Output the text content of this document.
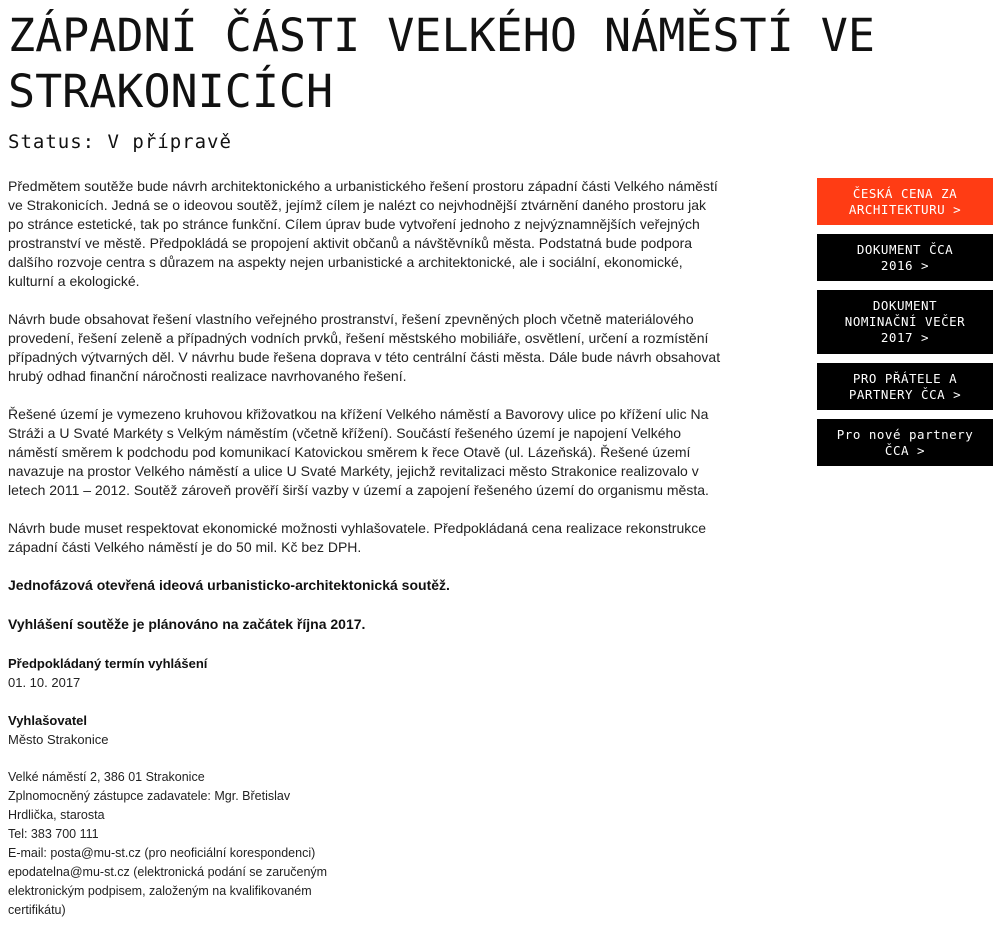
ZÁPADNÍ ČÁSTI VELKÉHO NÁMĚSTÍ VE STRAKONICÍCH
Status: V přípravě

Předmětem soutěže bude návrh architektonického a urbanistického řešení prostoru západní části Velkého náměstí ve Strakonicích. Jedná se o ideovou soutěž, jejímž cílem je nalézt co nejvhodnější ztvárnění daného prostoru jak po stránce estetické, tak po stránce funkční. Cílem úprav bude vytvoření jednoho z nejvýznamnějších veřejných prostranství ve městě. Předpokládá se propojení aktivit občanů a návštěvníků města. Podstatná bude podpora dalšího rozvoje centra s důrazem na aspekty nejen urbanistické a architektonické, ale i sociální, ekonomické, kulturní a ekologické.

Návrh bude obsahovat řešení vlastního veřejného prostranství, řešení zpevněných ploch včetně materiálového provedení, řešení zeleně a případných vodních prvků, řešení městského mobiliáře, osvětlení, určení a rozmístění případných výtvarných děl. V návrhu bude řešena doprava v této centrální části města. Dále bude návrh obsahovat hrubý odhad finanční náročnosti realizace navrhovaného řešení.

Řešené území je vymezeno kruhovou křižovatkou na křížení Velkého náměstí a Bavorovy ulice po křížení ulic Na Stráži a U Svaté Markéty s Velkým náměstím (včetně křížení). Součástí řešeného území je napojení Velkého náměstí směrem k podchodu pod komunikací Katovickou směrem k řece Otavě (ul. Lázeňská). Řešené území navazuje na prostor Velkého náměstí a ulice U Svaté Markéty, jejichž revitalizaci město Strakonice realizovalo v letech 2011 – 2012. Soutěž zároveň prověří širší vazby v území a zapojení řešeného území do organismu města.

Návrh bude muset respektovat ekonomické možnosti vyhlašovatele. Předpokládaná cena realizace rekonstrukce západní části Velkého náměstí je do 50 mil. Kč bez DPH.

Jednofázová otevřená ideová urbanisticko-architektonická soutěž.

Vyhlášení soutěže je plánováno na začátek října 2017.

Předpokládaný termín vyhlášení
01. 10. 2017
Vyhlašovatel
Město Strakonice
Velké náměstí 2, 386 01 Strakonice
Zplnomocněný zástupce zadavatele: Mgr. Břetislav
Hrdlička, starosta
Tel: 383 700 111
E-mail: posta@mu-st.cz (pro neoficiální korespondenci)
epodatelna@mu-st.cz (elektronická podání se zaručeným
elektronickým podpisem, založeným na kvalifikovaném
certifikátu)
ČESKÁ CENA ZA
ARCHITEKTURU >
DOKUMENT ČCA
2016 >
DOKUMENT
NOMINAČNÍ VEČER
2017 >
PRO PŘÁTELE A
PARTNERY ČCA >
Pro nové partnery
ČCA >
